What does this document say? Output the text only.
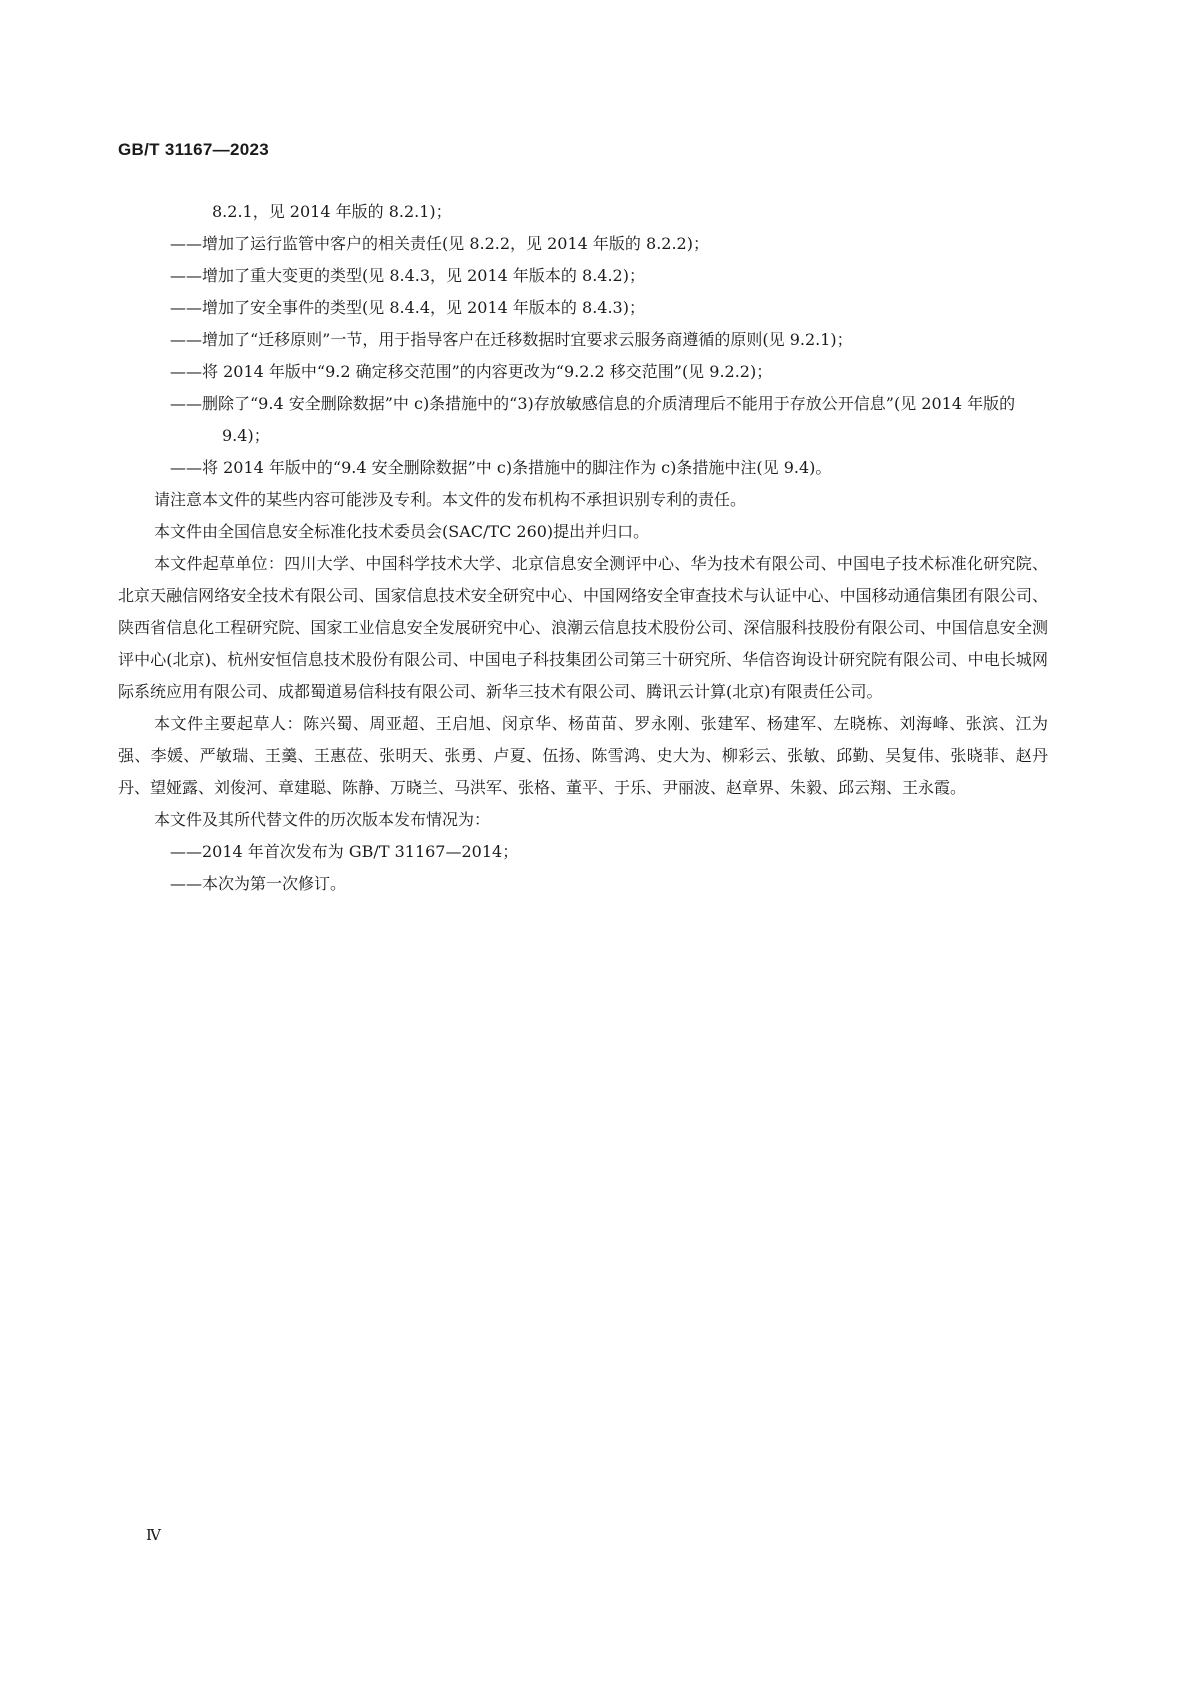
GB/T 31167—2023

8.2.1，见 2014 年版的 8.2.1)；

——增加了运行监管中客户的相关责任(见 8.2.2，见 2014 年版的 8.2.2)；

——增加了重大变更的类型(见 8.4.3，见 2014 年版本的 8.4.2)；

——增加了安全事件的类型(见 8.4.4，见 2014 年版本的 8.4.3)；

——增加了“迁移原则”一节，用于指导客户在迁移数据时宜要求云服务商遵循的原则(见 9.2.1)；

——将 2014 年版中“9.2 确定移交范围”的内容更改为“9.2.2 移交范围”(见 9.2.2)；

——删除了“9.4 安全删除数据”中 c)条措施中的“3)存放敏感信息的介质清理后不能用于存放公开信息”(见 2014 年版的 9.4)；

——将 2014 年版中的“9.4 安全删除数据”中 c)条措施中的脚注作为 c)条措施中注(见 9.4)。

请注意本文件的某些内容可能涉及专利。本文件的发布机构不承担识别专利的责任。

本文件由全国信息安全标准化技术委员会(SAC/TC 260)提出并归口。

本文件起草单位：四川大学、中国科学技术大学、北京信息安全测评中心、华为技术有限公司、中国电子技术标准化研究院、北京天融信网络安全技术有限公司、国家信息技术安全研究中心、中国网络安全审查技术与认证中心、中国移动通信集团有限公司、陕西省信息化工程研究院、国家工业信息安全发展研究中心、浪潮云信息技术股份公司、深信服科技股份有限公司、中国信息安全测评中心(北京)、杭州安恒信息技术股份有限公司、中国电子科技集团公司第三十研究所、华信咨询设计研究院有限公司、中电长城网际系统应用有限公司、成都蜀道易信科技有限公司、新华三技术有限公司、腾讯云计算(北京)有限责任公司。

本文件主要起草人：陈兴蜀、周亚超、王启旭、闵京华、杨苗苗、罗永刚、张建军、杨建军、左晓栋、刘海峰、张滨、江为强、李媛、严敏瑞、王羹、王惠莅、张明天、张勇、卢夏、伍扬、陈雪鸿、史大为、柳彩云、张敏、邱勤、吴复伟、张晓菲、赵丹丹、望娅露、刘俊河、章建聪、陈静、万晓兰、马洪军、张格、董平、于乐、尹丽波、赵章界、朱毅、邱云翔、王永霞。

本文件及其所代替文件的历次版本发布情况为：

——2014 年首次发布为 GB/T 31167—2014；

——本次为第一次修订。

Ⅳ
